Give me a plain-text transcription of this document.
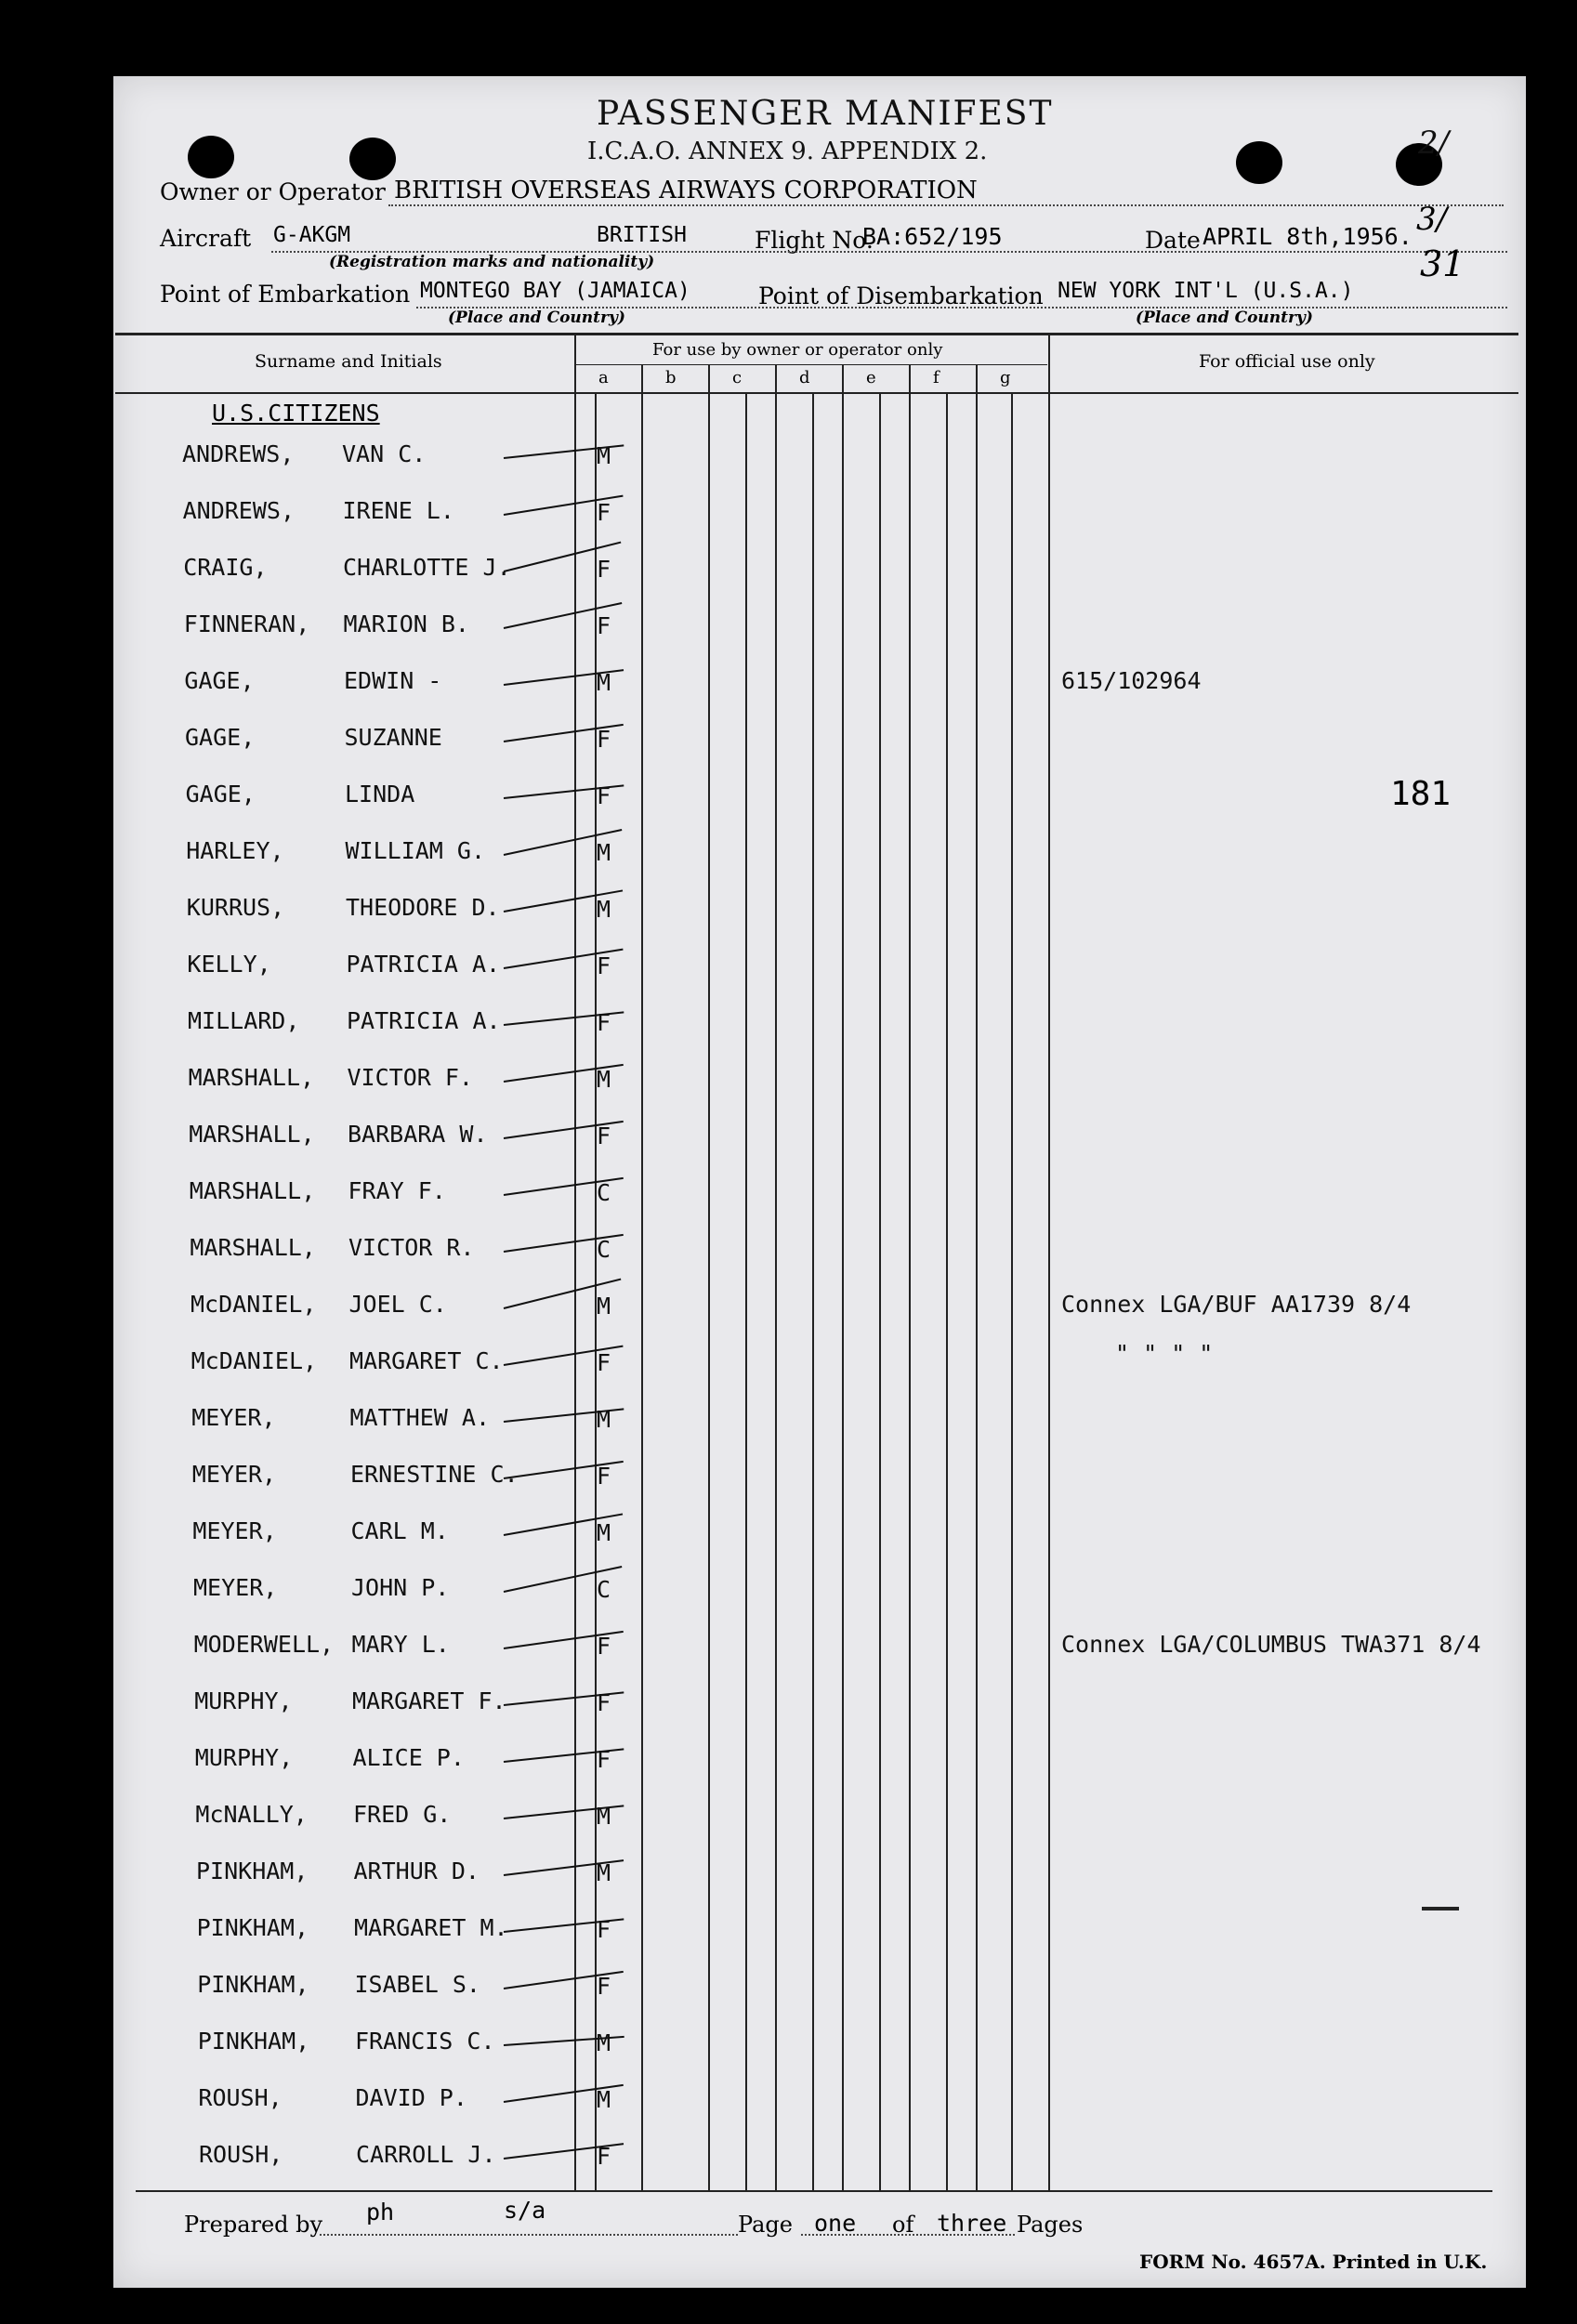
PASSENGER MANIFEST
I.C.A.O. ANNEX 9. APPENDIX 2.	2/
Owner or Operator BRITISH OVERSEAS AIRWAYS CORPORATION
Aircraft G-AKGM	BRITISH	Flight No.
BA:652/195	Date APRIL 8th,1956. 3/
(Registration marks and nationality)
Point of Embarkation MONTEGO BAY (JAMAICA)	Point of Disembarkation NEW YORK INT'L (U.S.A.)
31
(Place and Country)	(Place and Country)
Surname and Initials
For use by owner or operator only
For official use only
a	b	c	d	e	f	g
U.S.CITIZENS
ANDREWS, VAN C.	M
ANDREWS, IRENE L.	F
CRAIG,	CHARLOTTE J.	F
FINNERAN, MARION B.	F
GAGE,	EDWIN -	M	615/102964
GAGE,	SUZANNE	F
GAGE,	LINDA	F
HARLEY,	WILLIAM G.	M
KURRUS,	THEODORE D.	M
KELLY,	PATRICIA A.	F
MILLARD, PATRICIA A.	F
MARSHALL, VICTOR F.	M
MARSHALL, BARBARA W.	F
MARSHALL, FRAY F.	C
MARSHALL, VICTOR R.	C
McDANIEL, JOEL C.	M	Connex LGA/BUF AA1739 8/4
McDANIEL, MARGARET C.	F	" " " "
MEYER,	MATTHEW A.	M
MEYER,	ERNESTINE C.	F
MEYER,	CARL M.	M
MEYER,	JOHN P.	C
MODERWELL, MARY L.	F	Connex LGA/COLUMBUS TWA371 8/4
MURPHY,	MARGARET F.	F
MURPHY,	ALICE P.	F
McNALLY, FRED G.	M
PINKHAM, ARTHUR D.	M
PINKHAM, MARGARET M.	F
PINKHAM, ISABEL S.	F
PINKHAM, FRANCIS C.	M
ROUSH,	DAVID P.	M
ROUSH,	CARROLL J.	F
181
Prepared by ph	s/a
Page one of three Pages
FORM No. 4657A. Printed in U.K.
